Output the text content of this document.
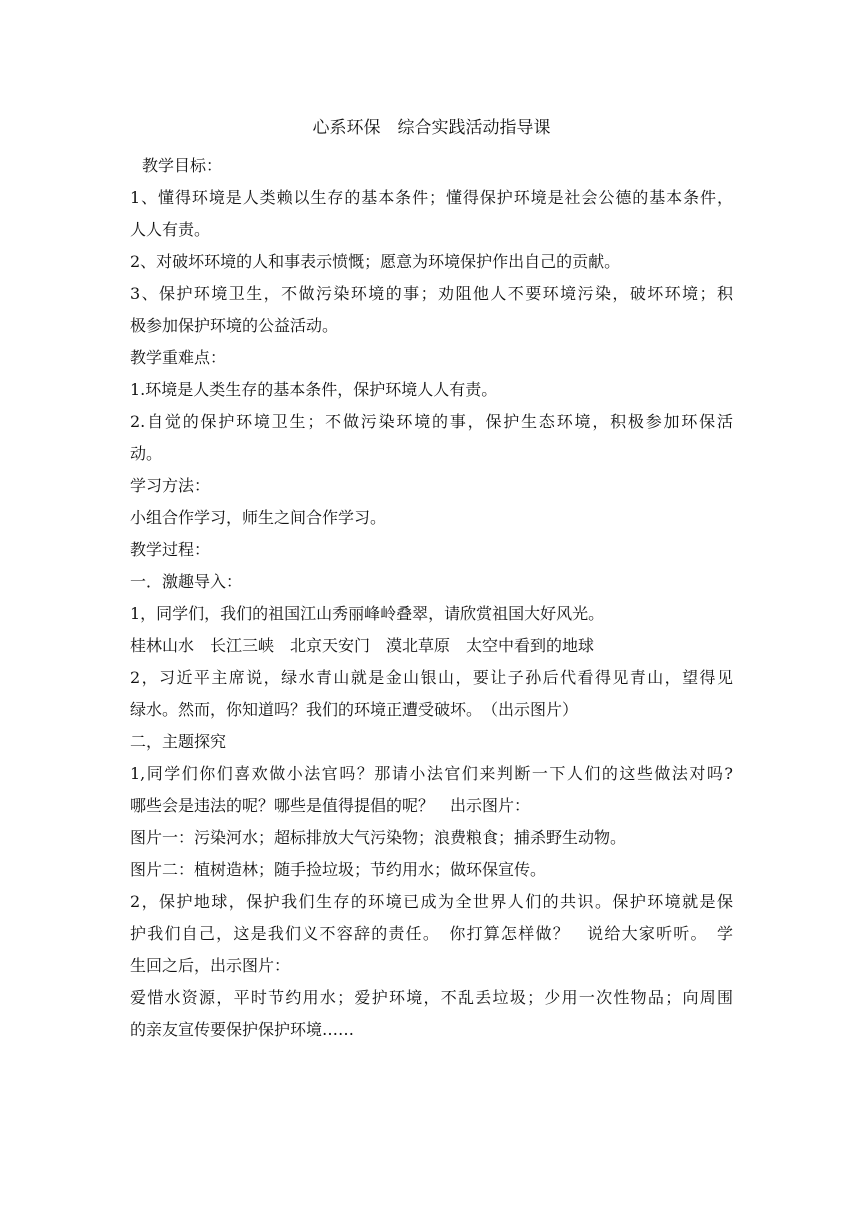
心系环保　综合实践活动指导课

教学目标：

1、懂得环境是人类赖以生存的基本条件；懂得保护环境是社会公德的基本条件，

人人有责。

2、对破坏环境的人和事表示愤慨；愿意为环境保护作出自己的贡献。

3、保护环境卫生，不做污染环境的事；劝阻他人不要环境污染，破坏环境；积

极参加保护环境的公益活动。

教学重难点：

1.环境是人类生存的基本条件，保护环境人人有责。

2.自觉的保护环境卫生；不做污染环境的事，保护生态环境，积极参加环保活

动。

学习方法：

小组合作学习，师生之间合作学习。

教学过程：

一．激趣导入：

1，同学们，我们的祖国江山秀丽峰岭叠翠，请欣赏祖国大好风光。

桂林山水　长江三峡　北京天安门　漠北草原　太空中看到的地球

2，习近平主席说，绿水青山就是金山银山，要让子孙后代看得见青山，望得见

绿水。然而，你知道吗？我们的环境正遭受破坏。　（出示图片）

二，主题探究

1,同学们你们喜欢做小法官吗？那请小法官们来判断一下人们的这些做法对吗?

哪些会是违法的呢？哪些是值得提倡的呢？　出示图片：

图片一：污染河水；超标排放大气污染物；浪费粮食；捕杀野生动物。

图片二：植树造林；随手捡垃圾；节约用水；做环保宣传。

2，保护地球，保护我们生存的环境已成为全世界人们的共识。保护环境就是保

护我们自己，这是我们义不容辞的责任。　你打算怎样做？　说给大家听听。　学

生回之后，出示图片：

爱惜水资源，平时节约用水；爱护环境，不乱丢垃圾；少用一次性物品；向周围

的亲友宣传要保护保护环境……
